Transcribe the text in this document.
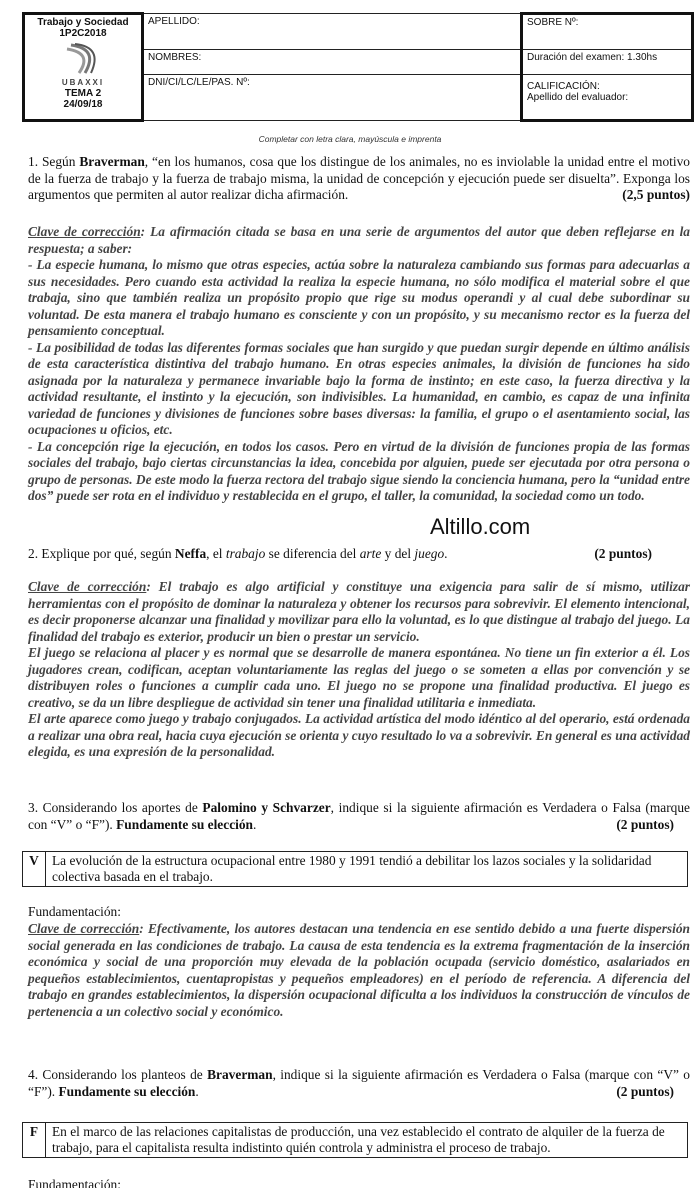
Trabajo y Sociedad
1P2C2018
UBAXXI
TEMA 2
24/09/18	APELLIDO:	SOBRE Nº:
	NOMBRES:	Duración del examen: 1.30hs
	DNI/CI/LC/LE/PAS. Nº:	CALIFICACIÓN:
Apellido del evaluador:
Completar con letra clara, mayúscula e imprenta
1. Según Braverman, “en los humanos, cosa que los distingue de los animales, no es inviolable la unidad entre el motivo de la fuerza de trabajo y la fuerza de trabajo misma, la unidad de concepción y ejecución puede ser disuelta”. Exponga los argumentos que permiten al autor realizar dicha afirmación.	(2,5 puntos)
Clave de corrección: La afirmación citada se basa en una serie de argumentos del autor que deben reflejarse en la respuesta; a saber:
- La especie humana, lo mismo que otras especies, actúa sobre la naturaleza cambiando sus formas para adecuarlas a sus necesidades. Pero cuando esta actividad la realiza la especie humana, no sólo modifica el material sobre el que trabaja, sino que también realiza un propósito propio que rige su modus operandi y al cual debe subordinar su voluntad. De esta manera el trabajo humano es consciente y con un propósito, y su mecanismo rector es la fuerza del pensamiento conceptual.
- La posibilidad de todas las diferentes formas sociales que han surgido y que puedan surgir depende en último análisis de esta característica distintiva del trabajo humano. En otras especies animales, la división de funciones ha sido asignada por la naturaleza y permanece invariable bajo la forma de instinto; en este caso, la fuerza directiva y la actividad resultante, el instinto y la ejecución, son indivisibles. La humanidad, en cambio, es capaz de una infinita variedad de funciones y divisiones de funciones sobre bases diversas: la familia, el grupo o el asentamiento social, las ocupaciones u oficios, etc.
- La concepción rige la ejecución, en todos los casos. Pero en virtud de la división de funciones propia de las formas sociales del trabajo, bajo ciertas circunstancias la idea, concebida por alguien, puede ser ejecutada por otra persona o grupo de personas. De este modo la fuerza rectora del trabajo sigue siendo la conciencia humana, pero la “unidad entre dos” puede ser rota en el individuo y restablecida en el grupo, el taller, la comunidad, la sociedad como un todo.
Altillo.com
2. Explique por qué, según Neffa, el trabajo se diferencia del arte y del juego.	(2 puntos)
Clave de corrección: El trabajo es algo artificial y constituye una exigencia para salir de sí mismo, utilizar herramientas con el propósito de dominar la naturaleza y obtener los recursos para sobrevivir. El elemento intencional, es decir proponerse alcanzar una finalidad y movilizar para ello la voluntad, es lo que distingue al trabajo del juego. La finalidad del trabajo es exterior, producir un bien o prestar un servicio.
El juego se relaciona al placer y es normal que se desarrolle de manera espontánea. No tiene un fin exterior a él. Los jugadores crean, codifican, aceptan voluntariamente las reglas del juego o se someten a ellas por convención y se distribuyen roles o funciones a cumplir cada uno. El juego no se propone una finalidad productiva. El juego es creativo, se da un libre despliegue de actividad sin tener una finalidad utilitaria e inmediata.
El arte aparece como juego y trabajo conjugados. La actividad artística del modo idéntico al del operario, está ordenada a realizar una obra real, hacia cuya ejecución se orienta y cuyo resultado lo va a sobrevivir. En general es una actividad elegida, es una expresión de la personalidad.
3. Considerando los aportes de Palomino y Schvarzer, indique si la siguiente afirmación es Verdadera o Falsa (marque con “V” o “F”). Fundamente su elección.	(2 puntos)
V La evolución de la estructura ocupacional entre 1980 y 1991 tendió a debilitar los lazos sociales y la solidaridad colectiva basada en el trabajo.
Fundamentación:
Clave de corrección: Efectivamente, los autores destacan una tendencia en ese sentido debido a una fuerte dispersión social generada en las condiciones de trabajo. La causa de esta tendencia es la extrema fragmentación de la inserción económica y social de una proporción muy elevada de la población ocupada (servicio doméstico, asalariados en pequeños establecimientos, cuentapropistas y pequeños empleadores) en el período de referencia. A diferencia del trabajo en grandes establecimientos, la dispersión ocupacional dificulta a los individuos la construcción de vínculos de pertenencia a un colectivo social y económico.
4. Considerando los planteos de Braverman, indique si la siguiente afirmación es Verdadera o Falsa (marque con “V” o “F”). Fundamente su elección.	(2 puntos)
F	En el marco de las relaciones capitalistas de producción, una vez establecido el contrato de alquiler de la fuerza de trabajo, para el capitalista resulta indistinto quién controla y administra el proceso de trabajo.
Fundamentación:
